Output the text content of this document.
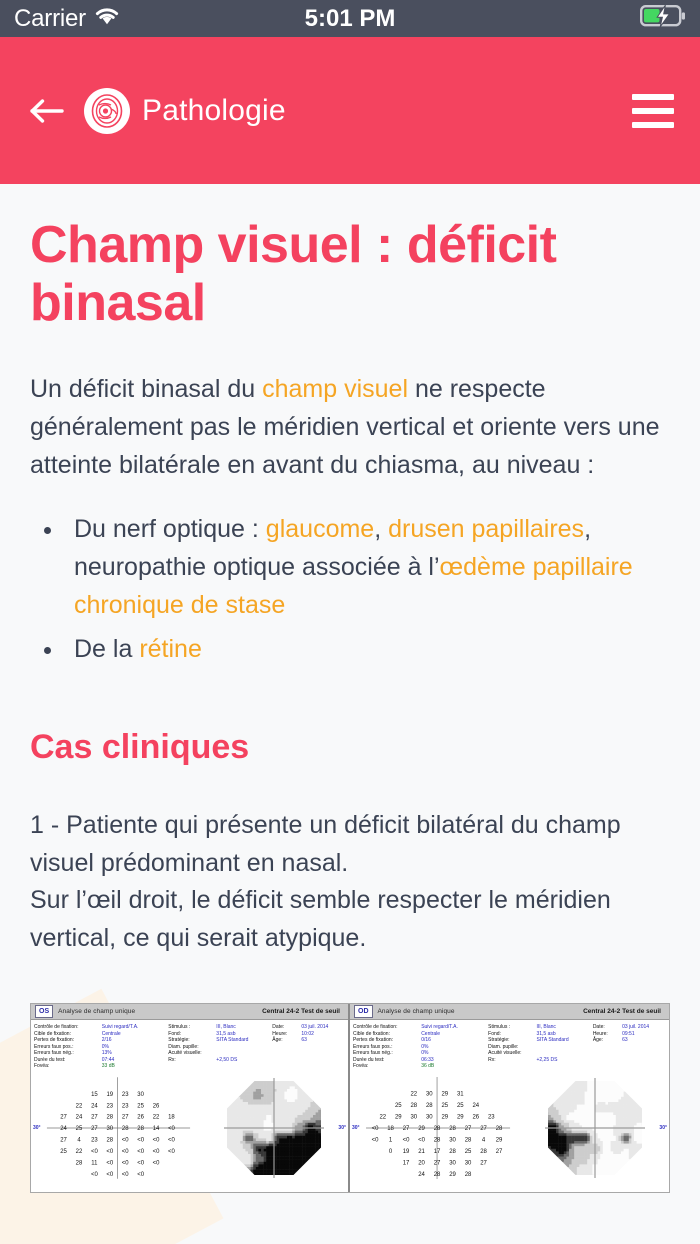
Carrier	5:01 PM
Pathologie
Champ visuel : déficit binasal

Un déficit binasal du champ visuel ne respecte généralement pas le méridien vertical et oriente vers une atteinte bilatérale en avant du chiasma, au niveau :

• Du nerf optique : glaucome, drusen papillaires, neuropathie optique associée à l’œdème papillaire chronique de stase
• De la rétine
Cas cliniques

1 - Patiente qui présente un déficit bilatéral du champ visuel prédominant en nasal.
Sur l’œil droit, le déficit semble respecter le méridien vertical, ce qui serait atypique.

OS	Analyse de champ unique	Central 24-2 Test de seuil
Contrôle de fixation:	Suivi regard/T.A.
Cible de fixation:	Centrale
Pertes de fixation:	2/16
Erreurs faux pos.:	0%
Erreurs faux nég.:	13%
Durée du test:	07:44
Fovéa:	33 dB
Stimulus :	III, Blanc
Fond:	31,5 asb
Stratégie:	SITA Standard
Diam. pupille:
Acuité visuelle:
Rx:	+2,50 DS
Date:	03 juil. 2014
Heure:	10:02
Âge:	63
30°
15 19 23 30
22 24 23 23 25 26
27 24 27 28 27 26 22 18
24 25 27 30 28 28 14 <0
27 4 23 28 <0 <0 <0 <0
25 22 <0 <0 <0 <0 <0 <0
28 11 <0 <0 <0 <0
<0 <0 <0 <0
30°
OD	Analyse de champ unique	Central 24-2 Test de seuil
Contrôle de fixation:	Suivi regard/T.A.
Cible de fixation:	Centrale
Pertes de fixation:	0/16
Erreurs faux pos.:	0%
Erreurs faux nég.:	0%
Durée du test:	06:33
Fovéa:	36 dB
Stimulus :	III, Blanc
Fond:	31,5 asb
Stratégie:	SITA Standard
Diam. pupille:
Acuité visuelle:
Rx:	+2,25 DS
Date:	03 juil. 2014
Heure:	09:51
Âge:	63
30°
22 30 29 31
25 28 28 25 25 24
22 29 30 30 29 29 26 23
<0 18 27 29 28 28 27 27 28
<0 1 <0 <0 28 30 28 4 29
0 19 21 17 28 25 28 27
17 20 27 30 30 27
24 28 29 28
30°
